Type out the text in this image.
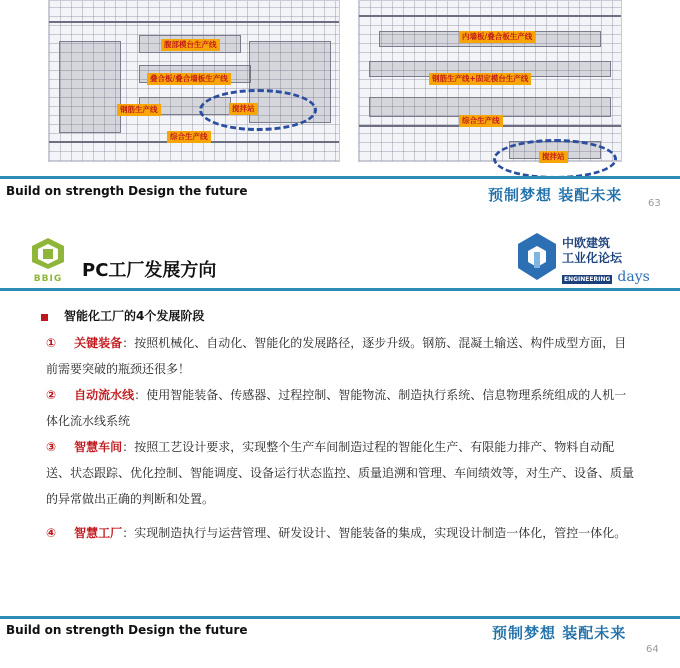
腹部模台生产线
叠合板/叠合墙板生产线
钢筋生产线	搅拌站
综合生产线
内墙板/叠合板生产线
钢筋生产线+固定模台生产线
综合生产线
搅拌站
Build on strength Design the future	预制梦想 装配未来	63
BBIG	PC工厂发展方向
中欧建筑
工业化论坛
ENGINEERING days
智能化工厂的4个发展阶段
① 关键装备：按照机械化、自动化、智能化的发展路径，逐步升级。钢筋、混凝土输送、构件成型方面，目前需要突破的瓶颈还很多！
② 自动流水线：使用智能装备、传感器、过程控制、智能物流、制造执行系统、信息物理系统组成的人机一体化流水线系统
③ 智慧车间：按照工艺设计要求，实现整个生产车间制造过程的智能化生产、有限能力排产、物料自动配送、状态跟踪、优化控制、智能调度、设备运行状态监控、质量追溯和管理、车间绩效等，对生产、设备、质量的异常做出正确的判断和处置。
④ 智慧工厂：实现制造执行与运营管理、研发设计、智能装备的集成，实现设计制造一体化，管控一体化。
Build on strength Design the future	预制梦想 装配未来
64
